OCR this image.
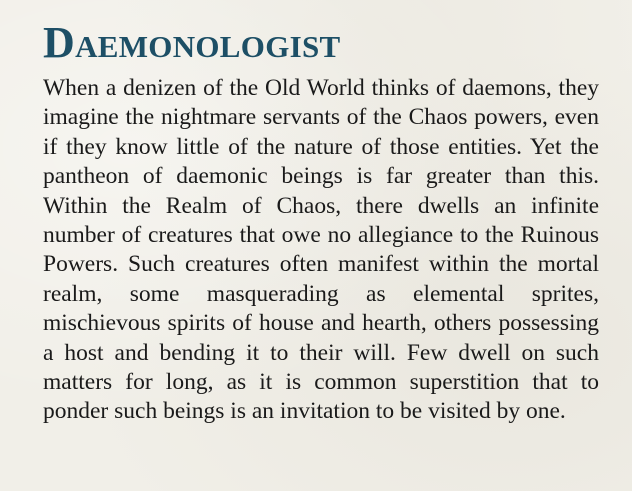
Daemonologist

When a denizen of the Old World thinks of daemons, they imagine the nightmare servants of the Chaos powers, even if they know little of the nature of those entities. Yet the pantheon of daemonic beings is far greater than this. Within the Realm of Chaos, there dwells an infinite number of creatures that owe no allegiance to the Ruinous Powers. Such creatures often manifest within the mortal realm, some masquerading as elemental sprites, mischievous spirits of house and hearth, others possessing a host and bending it to their will. Few dwell on such matters for long, as it is common superstition that to ponder such beings is an invitation to be visited by one.
